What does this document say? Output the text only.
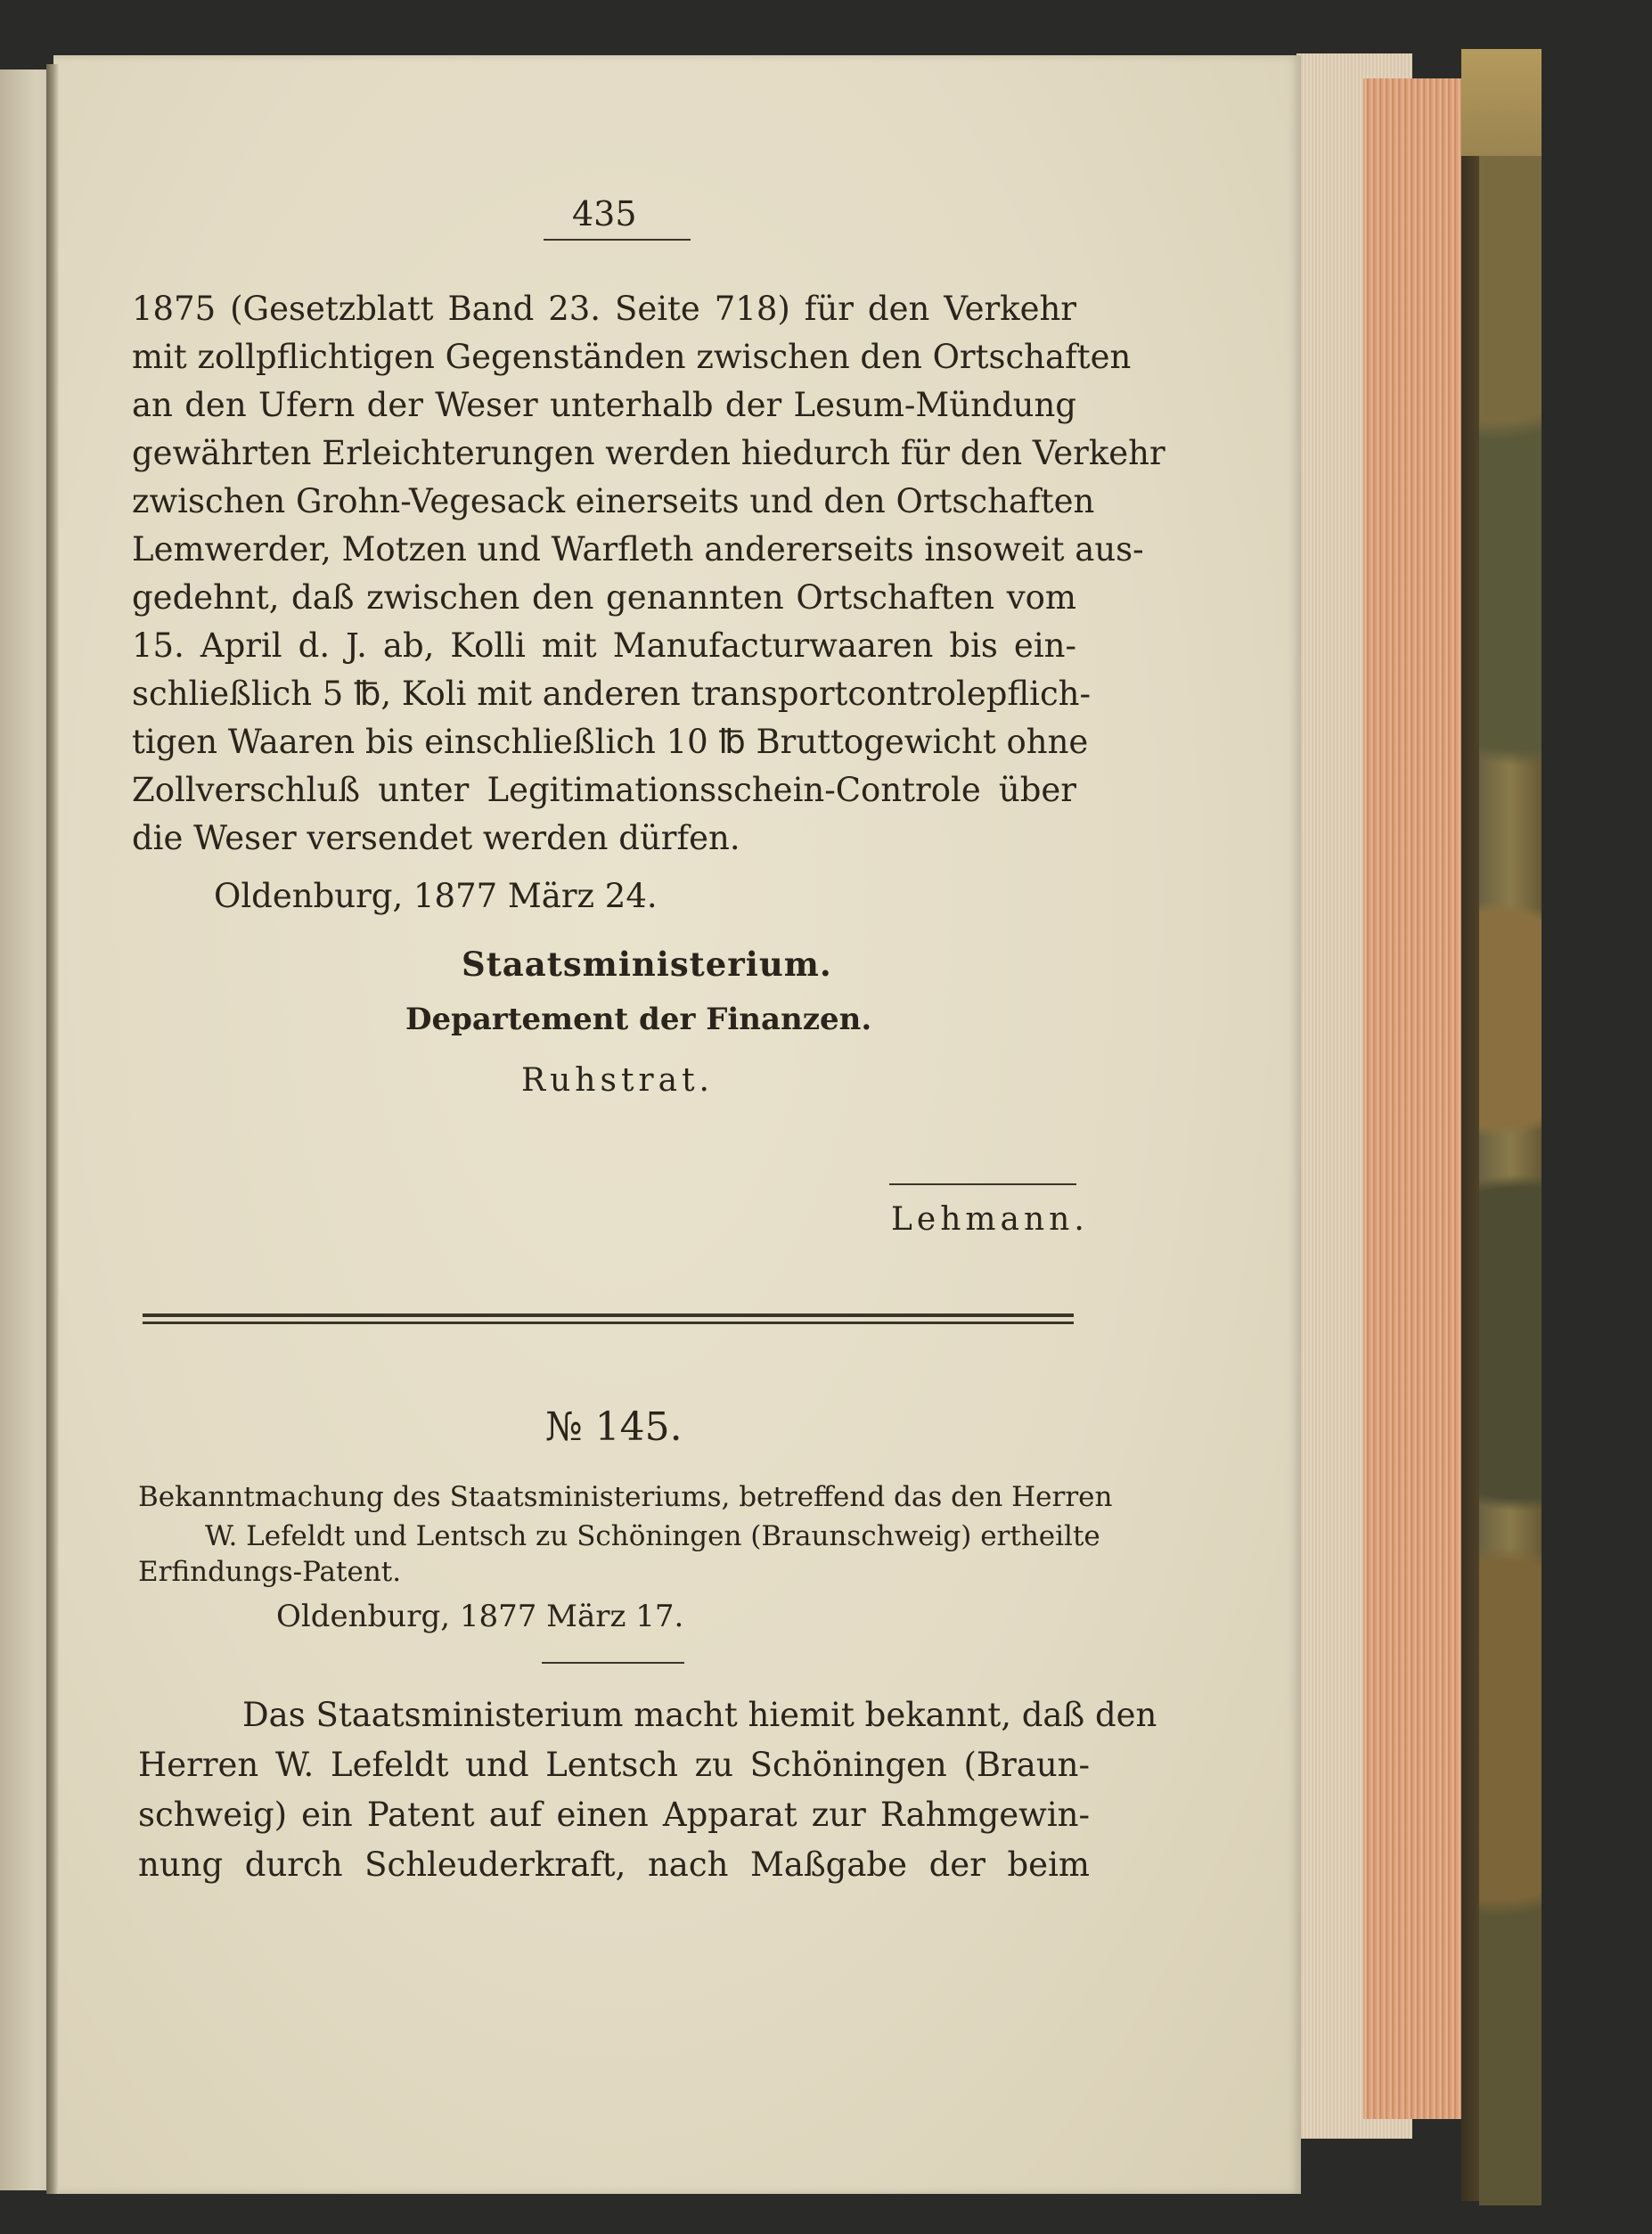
435
1875 (Gesetzblatt Band 23. Seite 718) für den Verkehr
mit zollpflichtigen Gegenständen zwischen den Ortschaften
an den Ufern der Weser unterhalb der Lesum-Mündung
gewährten Erleichterungen werden hiedurch für den Verkehr
zwischen Grohn-Vegesack einerseits und den Ortschaften
Lemwerder, Motzen und Warfleth andererseits insoweit aus-
gedehnt, daß zwischen den genannten Ortschaften vom
15. April d. J. ab, Kolli mit Manufacturwaaren bis ein-
schließlich 5 ℔, Koli mit anderen transportcontrolepflich-
tigen Waaren bis einschließlich 10 ℔ Bruttogewicht ohne
Zollverschluß unter Legitimationsschein-Controle über
die Weser versendet werden dürfen.
Oldenburg, 1877 März 24.
Staatsministerium.
Departement der Finanzen.
Ruhstrat.
Lehmann.
№ 145.
Bekanntmachung des Staatsministeriums, betreffend das den Herren
W. Lefeldt und Lentsch zu Schöningen (Braunschweig) ertheilte
Erfindungs-Patent.
Oldenburg, 1877 März 17.
Das Staatsministerium macht hiemit bekannt, daß den
Herren W. Lefeldt und Lentsch zu Schöningen (Braun-
schweig) ein Patent auf einen Apparat zur Rahmgewin-
nung durch Schleuderkraft, nach Maßgabe der beim
